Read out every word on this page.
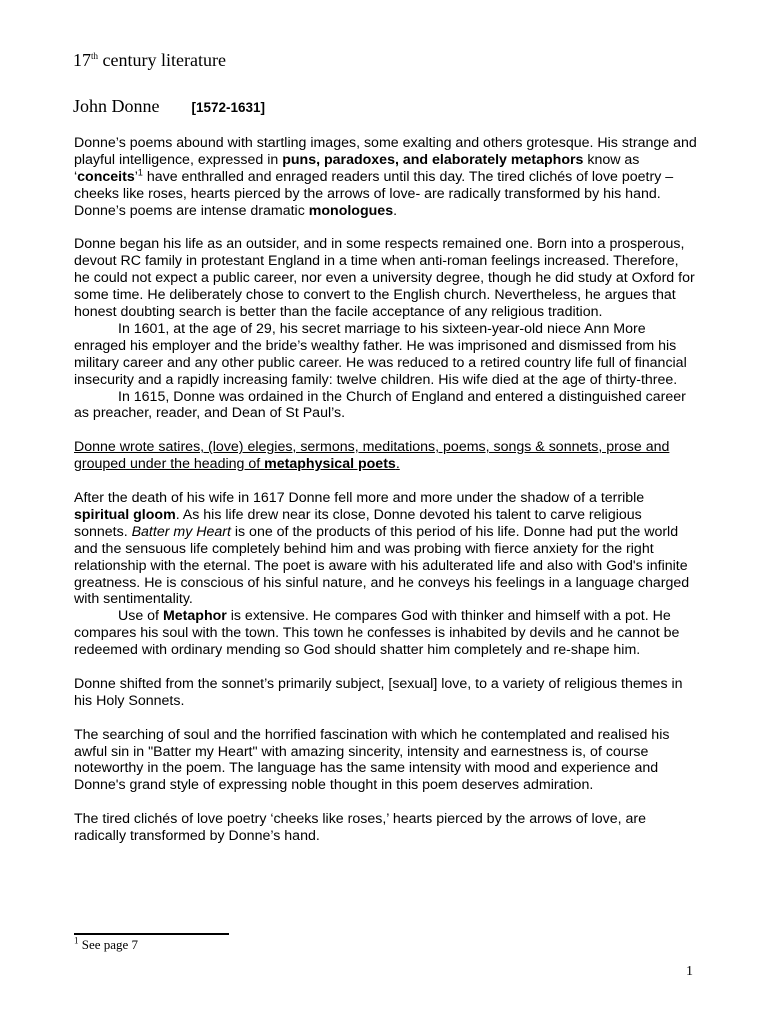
17th century literature
John Donne [1572-1631]

Donne’s poems abound with startling images, some exalting and others grotesque. His strange and playful intelligence, expressed in puns, paradoxes, and elaborately metaphors know as ‘conceits’$^1$ have enthralled and enraged readers until this day. The tired clichés of love poetry –cheeks like roses, hearts pierced by the arrows of love- are radically transformed by his hand. Donne’s poems are intense dramatic monologues.

Donne began his life as an outsider, and in some respects remained one. Born into a prosperous, devout RC family in protestant England in a time when anti-roman feelings increased. Therefore, he could not expect a public career, nor even a university degree, though he did study at Oxford for some time. He deliberately chose to convert to the English church. Nevertheless, he argues that honest doubting search is better than the facile acceptance of any religious tradition.

In 1601, at the age of 29, his secret marriage to his sixteen-year-old niece Ann More enraged his employer and the bride’s wealthy father. He was imprisoned and dismissed from his military career and any other public career. He was reduced to a retired country life full of financial insecurity and a rapidly increasing family: twelve children. His wife died at the age of thirty-three.

In 1615, Donne was ordained in the Church of England and entered a distinguished career as preacher, reader, and Dean of St Paul’s.

Donne wrote satires, (love) elegies, sermons, meditations, poems, songs & sonnets, prose and grouped under the heading of metaphysical poets.

After the death of his wife in 1617 Donne fell more and more under the shadow of a terrible spiritual gloom. As his life drew near its close, Donne devoted his talent to carve religious sonnets. Batter my Heart is one of the products of this period of his life. Donne had put the world and the sensuous life completely behind him and was probing with fierce anxiety for the right relationship with the eternal. The poet is aware with his adulterated life and also with God's infinite greatness. He is conscious of his sinful nature, and he conveys his feelings in a language charged with sentimentality.

Use of Metaphor is extensive. He compares God with thinker and himself with a pot. He compares his soul with the town. This town he confesses is inhabited by devils and he cannot be redeemed with ordinary mending so God should shatter him completely and re-shape him.

Donne shifted from the sonnet’s primarily subject, [sexual] love, to a variety of religious themes in his Holy Sonnets.

The searching of soul and the horrified fascination with which he contemplated and realised his awful sin in "Batter my Heart" with amazing sincerity, intensity and earnestness is, of course noteworthy in the poem. The language has the same intensity with mood and experience and Donne's grand style of expressing noble thought in this poem deserves admiration.

The tired clichés of love poetry ‘cheeks like roses,’ hearts pierced by the arrows of love, are radically transformed by Donne’s hand.

$^1$ See page 7
1
